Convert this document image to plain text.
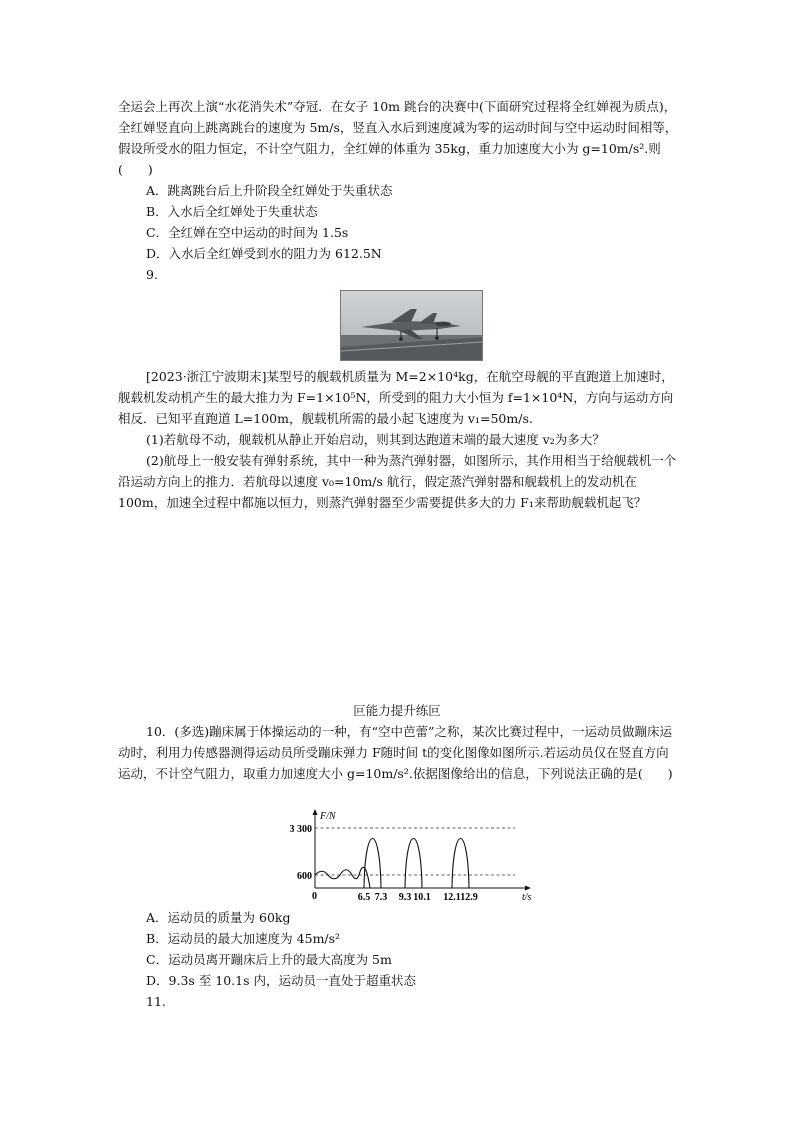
全运会上再次上演“水花消失术”夺冠．在女子 10m 跳台的决赛中(下面研究过程将全红婵视为质点)，全红婵竖直向上跳离跳台的速度为 5m/s，竖直入水后到速度减为零的运动时间与空中运动时间相等，假设所受水的阻力恒定，不计空气阻力，全红婵的体重为 35kg，重力加速度大小为 g=10m/s².则(　　)

A．跳离跳台后上升阶段全红婵处于失重状态
B．入水后全红婵处于失重状态
C．全红婵在空中运动的时间为 1.5s
D．入水后全红婵受到水的阻力为 612.5N
9.

[2023·浙江宁波期末]某型号的舰载机质量为 M=2×10⁴kg，在航空母舰的平直跑道上加速时，舰载机发动机产生的最大推力为 F=1×10⁵N，所受到的阻力大小恒为 f=1×10⁴N，方向与运动方向相反．已知平直跑道 L=100m，舰载机所需的最小起飞速度为 v₁=50m/s.

(1)若航母不动，舰载机从静止开始启动，则其到达跑道末端的最大速度 v₂为多大？

(2)航母上一般安装有弹射系统，其中一种为蒸汽弹射器，如图所示，其作用相当于给舰载机一个沿运动方向上的推力．若航母以速度 v₀=10m/s 航行，假定蒸汽弹射器和舰载机上的发动机在 100m，加速全过程中都施以恒力，则蒸汽弹射器至少需要提供多大的力 F₁来帮助舰载机起飞？

叵能力提升练叵

10．(多选)蹦床属于体操运动的一种，有“空中芭蕾”之称，某次比赛过程中，一运动员做蹦床运动时，利用力传感器测得运动员所受蹦床弹力 F随时间 t的变化图像如图所示.若运动员仅在竖直方向运动，不计空气阻力，取重力加速度大小 g=10m/s².依据图像给出的信息，下列说法正确的是(　　)

F/N
t/s
0
3 300
600
6.5 7.3 9.3 10.1 12.1 12.9
A．运动员的质量为 60kg
B．运动员的最大加速度为 45m/s²
C．运动员离开蹦床后上升的最大高度为 5m
D．9.3s 至 10.1s 内，运动员一直处于超重状态
11.
